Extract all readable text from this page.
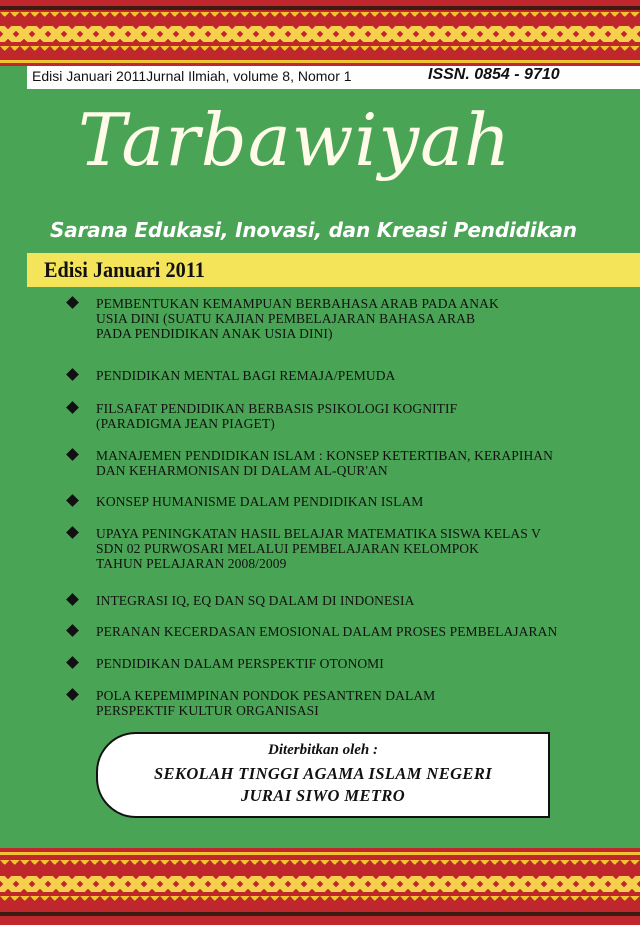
Edisi Januari 2011Jurnal Ilmiah, volume 8, Nomor 1	ISSN. 0854 - 9710
Tarbawiyah
Sarana Edukasi, Inovasi, dan Kreasi Pendidikan
Edisi Januari 2011
PEMBENTUKAN KEMAMPUAN BERBAHASA ARAB PADA ANAK
USIA DINI (SUATU KAJIAN PEMBELAJARAN BAHASA ARAB
PADA PENDIDIKAN ANAK USIA DINI)
PENDIDIKAN MENTAL BAGI REMAJA/PEMUDA
FILSAFAT PENDIDIKAN BERBASIS PSIKOLOGI KOGNITIF
(PARADIGMA JEAN PIAGET)
MANAJEMEN PENDIDIKAN ISLAM : KONSEP KETERTIBAN, KERAPIHAN
DAN KEHARMONISAN DI DALAM AL-QUR'AN
KONSEP HUMANISME DALAM PENDIDIKAN ISLAM
UPAYA PENINGKATAN HASIL BELAJAR MATEMATIKA SISWA KELAS V
SDN 02 PURWOSARI MELALUI PEMBELAJARAN KELOMPOK
TAHUN PELAJARAN 2008/2009
INTEGRASI IQ, EQ DAN SQ DALAM DI INDONESIA
PERANAN KECERDASAN EMOSIONAL DALAM PROSES PEMBELAJARAN
PENDIDIKAN DALAM PERSPEKTIF OTONOMI
POLA KEPEMIMPINAN PONDOK PESANTREN DALAM
PERSPEKTIF KULTUR ORGANISASI
Diterbitkan oleh :
SEKOLAH TINGGI AGAMA ISLAM NEGERI
JURAI SIWO METRO
